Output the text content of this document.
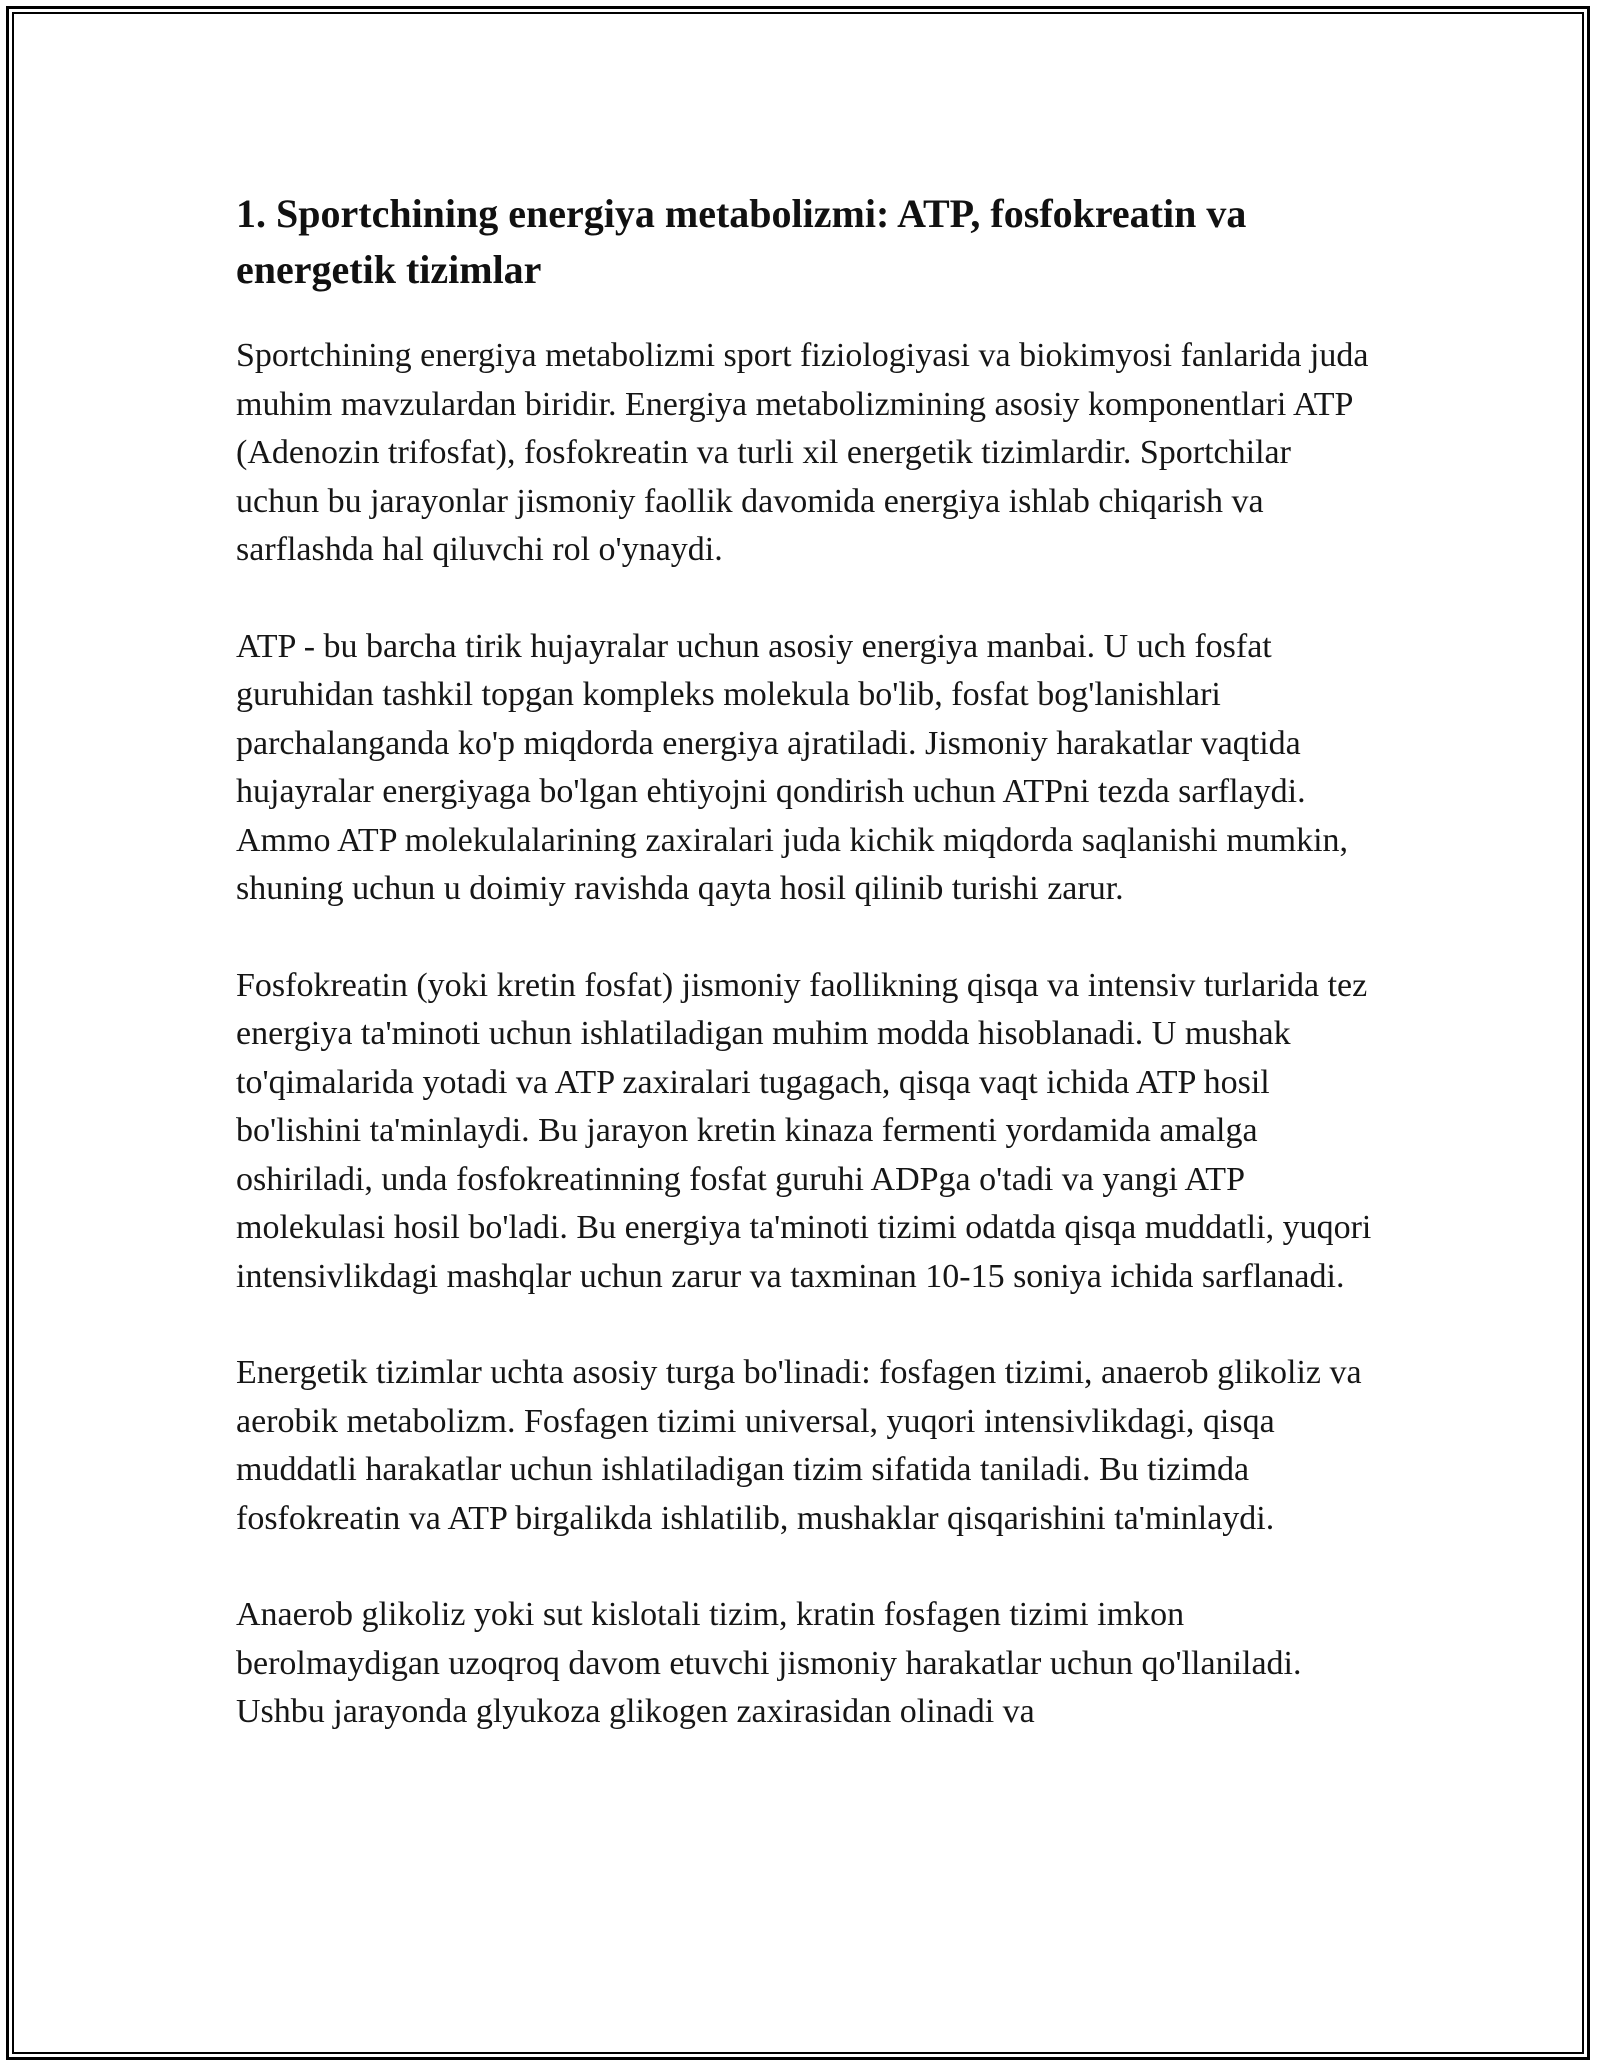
1. Sportchining energiya metabolizmi: ATP, fosfokreatin va energetik tizimlar

Sportchining energiya metabolizmi sport fiziologiyasi va biokimyosi fanlarida juda muhim mavzulardan biridir. Energiya metabolizmining asosiy komponentlari ATP (Adenozin trifosfat), fosfokreatin va turli xil energetik tizimlardir. Sportchilar uchun bu jarayonlar jismoniy faollik davomida energiya ishlab chiqarish va sarflashda hal qiluvchi rol o'ynaydi.

ATP - bu barcha tirik hujayralar uchun asosiy energiya manbai. U uch fosfat guruhidan tashkil topgan kompleks molekula bo'lib, fosfat bog'lanishlari parchalanganda ko'p miqdorda energiya ajratiladi. Jismoniy harakatlar vaqtida hujayralar energiyaga bo'lgan ehtiyojni qondirish uchun ATPni tezda sarflaydi. Ammo ATP molekulalarining zaxiralari juda kichik miqdorda saqlanishi mumkin, shuning uchun u doimiy ravishda qayta hosil qilinib turishi zarur.

Fosfokreatin (yoki kretin fosfat) jismoniy faollikning qisqa va intensiv turlarida tez energiya ta'minoti uchun ishlatiladigan muhim modda hisoblanadi. U mushak to'qimalarida yotadi va ATP zaxiralari tugagach, qisqa vaqt ichida ATP hosil bo'lishini ta'minlaydi. Bu jarayon kretin kinaza fermenti yordamida amalga oshiriladi, unda fosfokreatinning fosfat guruhi ADPga o'tadi va yangi ATP molekulasi hosil bo'ladi. Bu energiya ta'minoti tizimi odatda qisqa muddatli, yuqori intensivlikdagi mashqlar uchun zarur va taxminan 10-15 soniya ichida sarflanadi.

Energetik tizimlar uchta asosiy turga bo'linadi: fosfagen tizimi, anaerob glikoliz va aerobik metabolizm. Fosfagen tizimi universal, yuqori intensivlikdagi, qisqa muddatli harakatlar uchun ishlatiladigan tizim sifatida taniladi. Bu tizimda fosfokreatin va ATP birgalikda ishlatilib, mushaklar qisqarishini ta'minlaydi.

Anaerob glikoliz yoki sut kislotali tizim, kratin fosfagen tizimi imkon berolmaydigan uzoqroq davom etuvchi jismoniy harakatlar uchun qo'llaniladi. Ushbu jarayonda glyukoza glikogen zaxirasidan olinadi va
